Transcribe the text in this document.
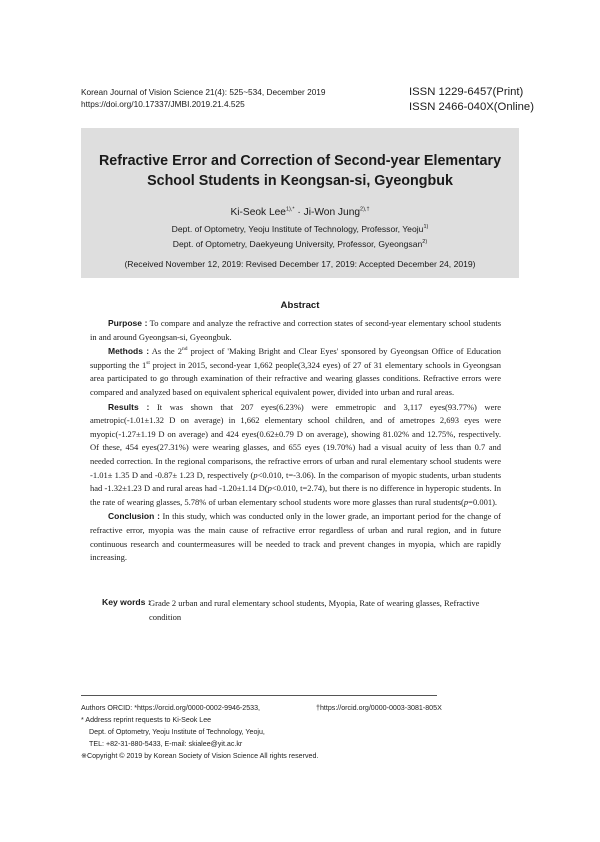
Korean Journal of Vision Science 21(4): 525~534, December 2019
https://doi.org/10.17337/JMBI.2019.21.4.525
ISSN 1229-6457(Print)
ISSN 2466-040X(Online)
Refractive Error and Correction of Second-year Elementary
School Students in Keongsan-si, Gyeongbuk
Ki-Seok Lee$^{1),*}$ · Ji-Won Jung$^{2),\dagger}$
Dept. of Optometry, Yeoju Institute of Technology, Professor, Yeoju$^{1)}$
Dept. of Optometry, Daekyeung University, Professor, Gyeongsan$^{2)}$
(Received November 12, 2019: Revised December 17, 2019: Accepted December 24, 2019)
Abstract

Purpose : To compare and analyze the refractive and correction states of second-year elementary school students in and around Gyeongsan-si, Gyeongbuk.

Methods : As the 2nd project of 'Making Bright and Clear Eyes' sponsored by Gyeongsan Office of Education supporting the 1st project in 2015, second-year 1,662 people(3,324 eyes) of 27 of 31 elementary schools in Gyeongsan area participated to go through examination of their refractive and wearing glasses conditions. Refractive errors were compared and analyzed based on equivalent spherical equivalent power, divided into urban and rural areas.

Results : It was shown that 207 eyes(6.23%) were emmetropic and 3,117 eyes(93.77%) were ametropic(-1.01±1.32 D on average) in 1,662 elementary school children, and of ametropes 2,693 eyes were myopic(-1.27±1.19 D on average) and 424 eyes(0.62±0.79 D on average), showing 81.02% and 12.75%, respectively. Of these, 454 eyes(27.31%) were wearing glasses, and 655 eyes (19.70%) had a visual acuity of less than 0.7 and needed correction. In the regional comparisons, the refractive errors of urban and rural elementary school students were -1.01± 1.35 D and -0.87± 1.23 D, respectively (p<0.010, t=-3.06). In the comparison of myopic students, urban students had -1.32±1.23 D and rural areas had -1.20±1.14 D(p<0.010, t=2.74), but there is no difference in hyperopic students. In the rate of wearing glasses, 5.78% of urban elementary school students wore more glasses than rural students(p=0.001).

Conclusion : In this study, which was conducted only in the lower grade, an important period for the change of refractive error, myopia was the main cause of refractive error regardless of urban and rural region, and in future continuous research and countermeasures will be needed to track and prevent changes in myopia, which are rapidly increasing.

Key words :
Grade 2 urban and rural elementary school students, Myopia, Rate of wearing glasses, Refractive condition
Authors ORCID: *https://orcid.org/0000-0002-9946-2533,	†https://orcid.org/0000-0003-3081-805X
* Address reprint requests to Ki-Seok Lee
Dept. of Optometry, Yeoju Institute of Technology, Yeoju,
TEL: +82-31-880-5433, E-mail: skialee@yit.ac.kr
※Copyright © 2019 by Korean Society of Vision Science All rights reserved.
